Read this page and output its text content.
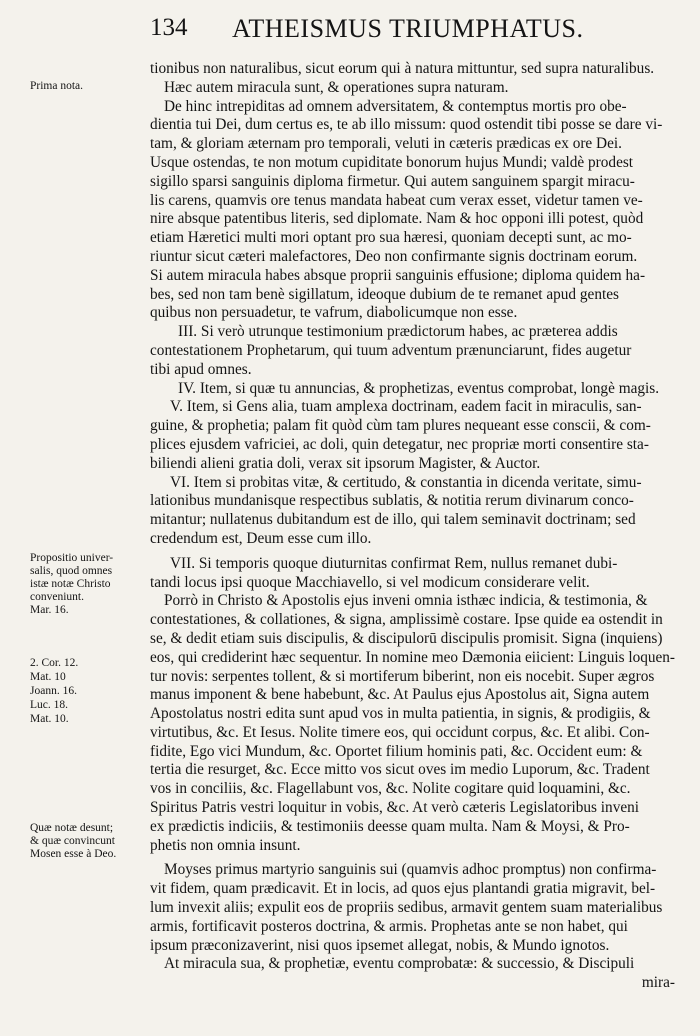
134 ATHEISMUS TRIUMPHATUS.
Prima nota.
Propositio univer-
salis, quod omnes
istæ notæ Christo
conveniunt.
Mar. 16.
2. Cor. 12.
Mat. 10
Joann. 16.
Luc. 18.
Mat. 10.
Quæ notæ desunt;
& quæ convincunt
Mosen esse à Deo.
tionibus non naturalibus, sicut eorum qui à natura mittuntur, sed supra naturalibus.
Hæc autem miracula sunt, & operationes supra naturam.
De hinc intrepiditas ad omnem adversitatem, & contemptus mortis pro obe-
dientia tui Dei, dum certus es, te ab illo missum: quod ostendit tibi posse se dare vi-
tam, & gloriam æternam pro temporali, veluti in cæteris prædicas ex ore Dei.
Usque ostendas, te non motum cupiditate bonorum hujus Mundi; valdè prodest
sigillo sparsi sanguinis diploma firmetur. Qui autem sanguinem spargit miracu-
lis carens, quamvis ore tenus mandata habeat cum verax esset, videtur tamen ve-
nire absque patentibus literis, sed diplomate. Nam & hoc opponi illi potest, quòd
etiam Hæretici multi mori optant pro sua hæresi, quoniam decepti sunt, ac mo-
riuntur sicut cæteri malefactores, Deo non confirmante signis doctrinam eorum.
Si autem miracula habes absque proprii sanguinis effusione; diploma quidem ha-
bes, sed non tam benè sigillatum, ideoque dubium de te remanet apud gentes
quibus non persuadetur, te vafrum, diabolicumque non esse.
III. Si verò utrunque testimonium prædictorum habes, ac præterea addis
contestationem Prophetarum, qui tuum adventum prænunciarunt, fides augetur
tibi apud omnes.
IV. Item, si quæ tu annuncias, & prophetizas, eventus comprobat, longè magis.
V. Item, si Gens alia, tuam amplexa doctrinam, eadem facit in miraculis, san-
guine, & prophetia; palam fit quòd cùm tam plures nequeant esse conscii, & com-
plices ejusdem vafriciei, ac doli, quin detegatur, nec propriæ morti consentire sta-
biliendi alieni gratia doli, verax sit ipsorum Magister, & Auctor.
VI. Item si probitas vitæ, & certitudo, & constantia in dicenda veritate, simu-
lationibus mundanisque respectibus sublatis, & notitia rerum divinarum conco-
mitantur; nullatenus dubitandum est de illo, qui talem seminavit doctrinam; sed
credendum est, Deum esse cum illo.
VII. Si temporis quoque diuturnitas confirmat Rem, nullus remanet dubi-
tandi locus ipsi quoque Macchiavello, si vel modicum considerare velit.
Porrò in Christo & Apostolis ejus inveni omnia isthæc indicia, & testimonia, &
contestationes, & collationes, & signa, amplissimè costare. Ipse quide ea ostendit in
se, & dedit etiam suis discipulis, & discipulorū discipulis promisit. Signa (inquiens)
eos, qui crediderint hæc sequentur. In nomine meo Dæmonia eiicient: Linguis loquen-
tur novis: serpentes tollent, & si mortiferum biberint, non eis nocebit. Super ægros
manus imponent & bene habebunt, &c. At Paulus ejus Apostolus ait, Signa autem
Apostolatus nostri edita sunt apud vos in multa patientia, in signis, & prodigiis, &
virtutibus, &c. Et Iesus. Nolite timere eos, qui occidunt corpus, &c. Et alibi. Con-
fidite, Ego vici Mundum, &c. Oportet filium hominis pati, &c. Occident eum: &
tertia die resurget, &c. Ecce mitto vos sicut oves im medio Luporum, &c. Tradent
vos in conciliis, &c. Flagellabunt vos, &c. Nolite cogitare quid loquamini, &c.
Spiritus Patris vestri loquitur in vobis, &c. At verò cæteris Legislatoribus inveni
ex prædictis indiciis, & testimoniis deesse quam multa. Nam & Moysi, & Pro-
phetis non omnia insunt.
Moyses primus martyrio sanguinis sui (quamvis adhoc promptus) non confirma-
vit fidem, quam prædicavit. Et in locis, ad quos ejus plantandi gratia migravit, bel-
lum invexit aliis; expulit eos de propriis sedibus, armavit gentem suam materialibus
armis, fortificavit posteros doctrina, & armis. Prophetas ante se non habet, qui
ipsum præconizaverint, nisi quos ipsemet allegat, nobis, & Mundo ignotos.
At miracula sua, & prophetiæ, eventu comprobatæ: & successio, & Discipuli
mira-
